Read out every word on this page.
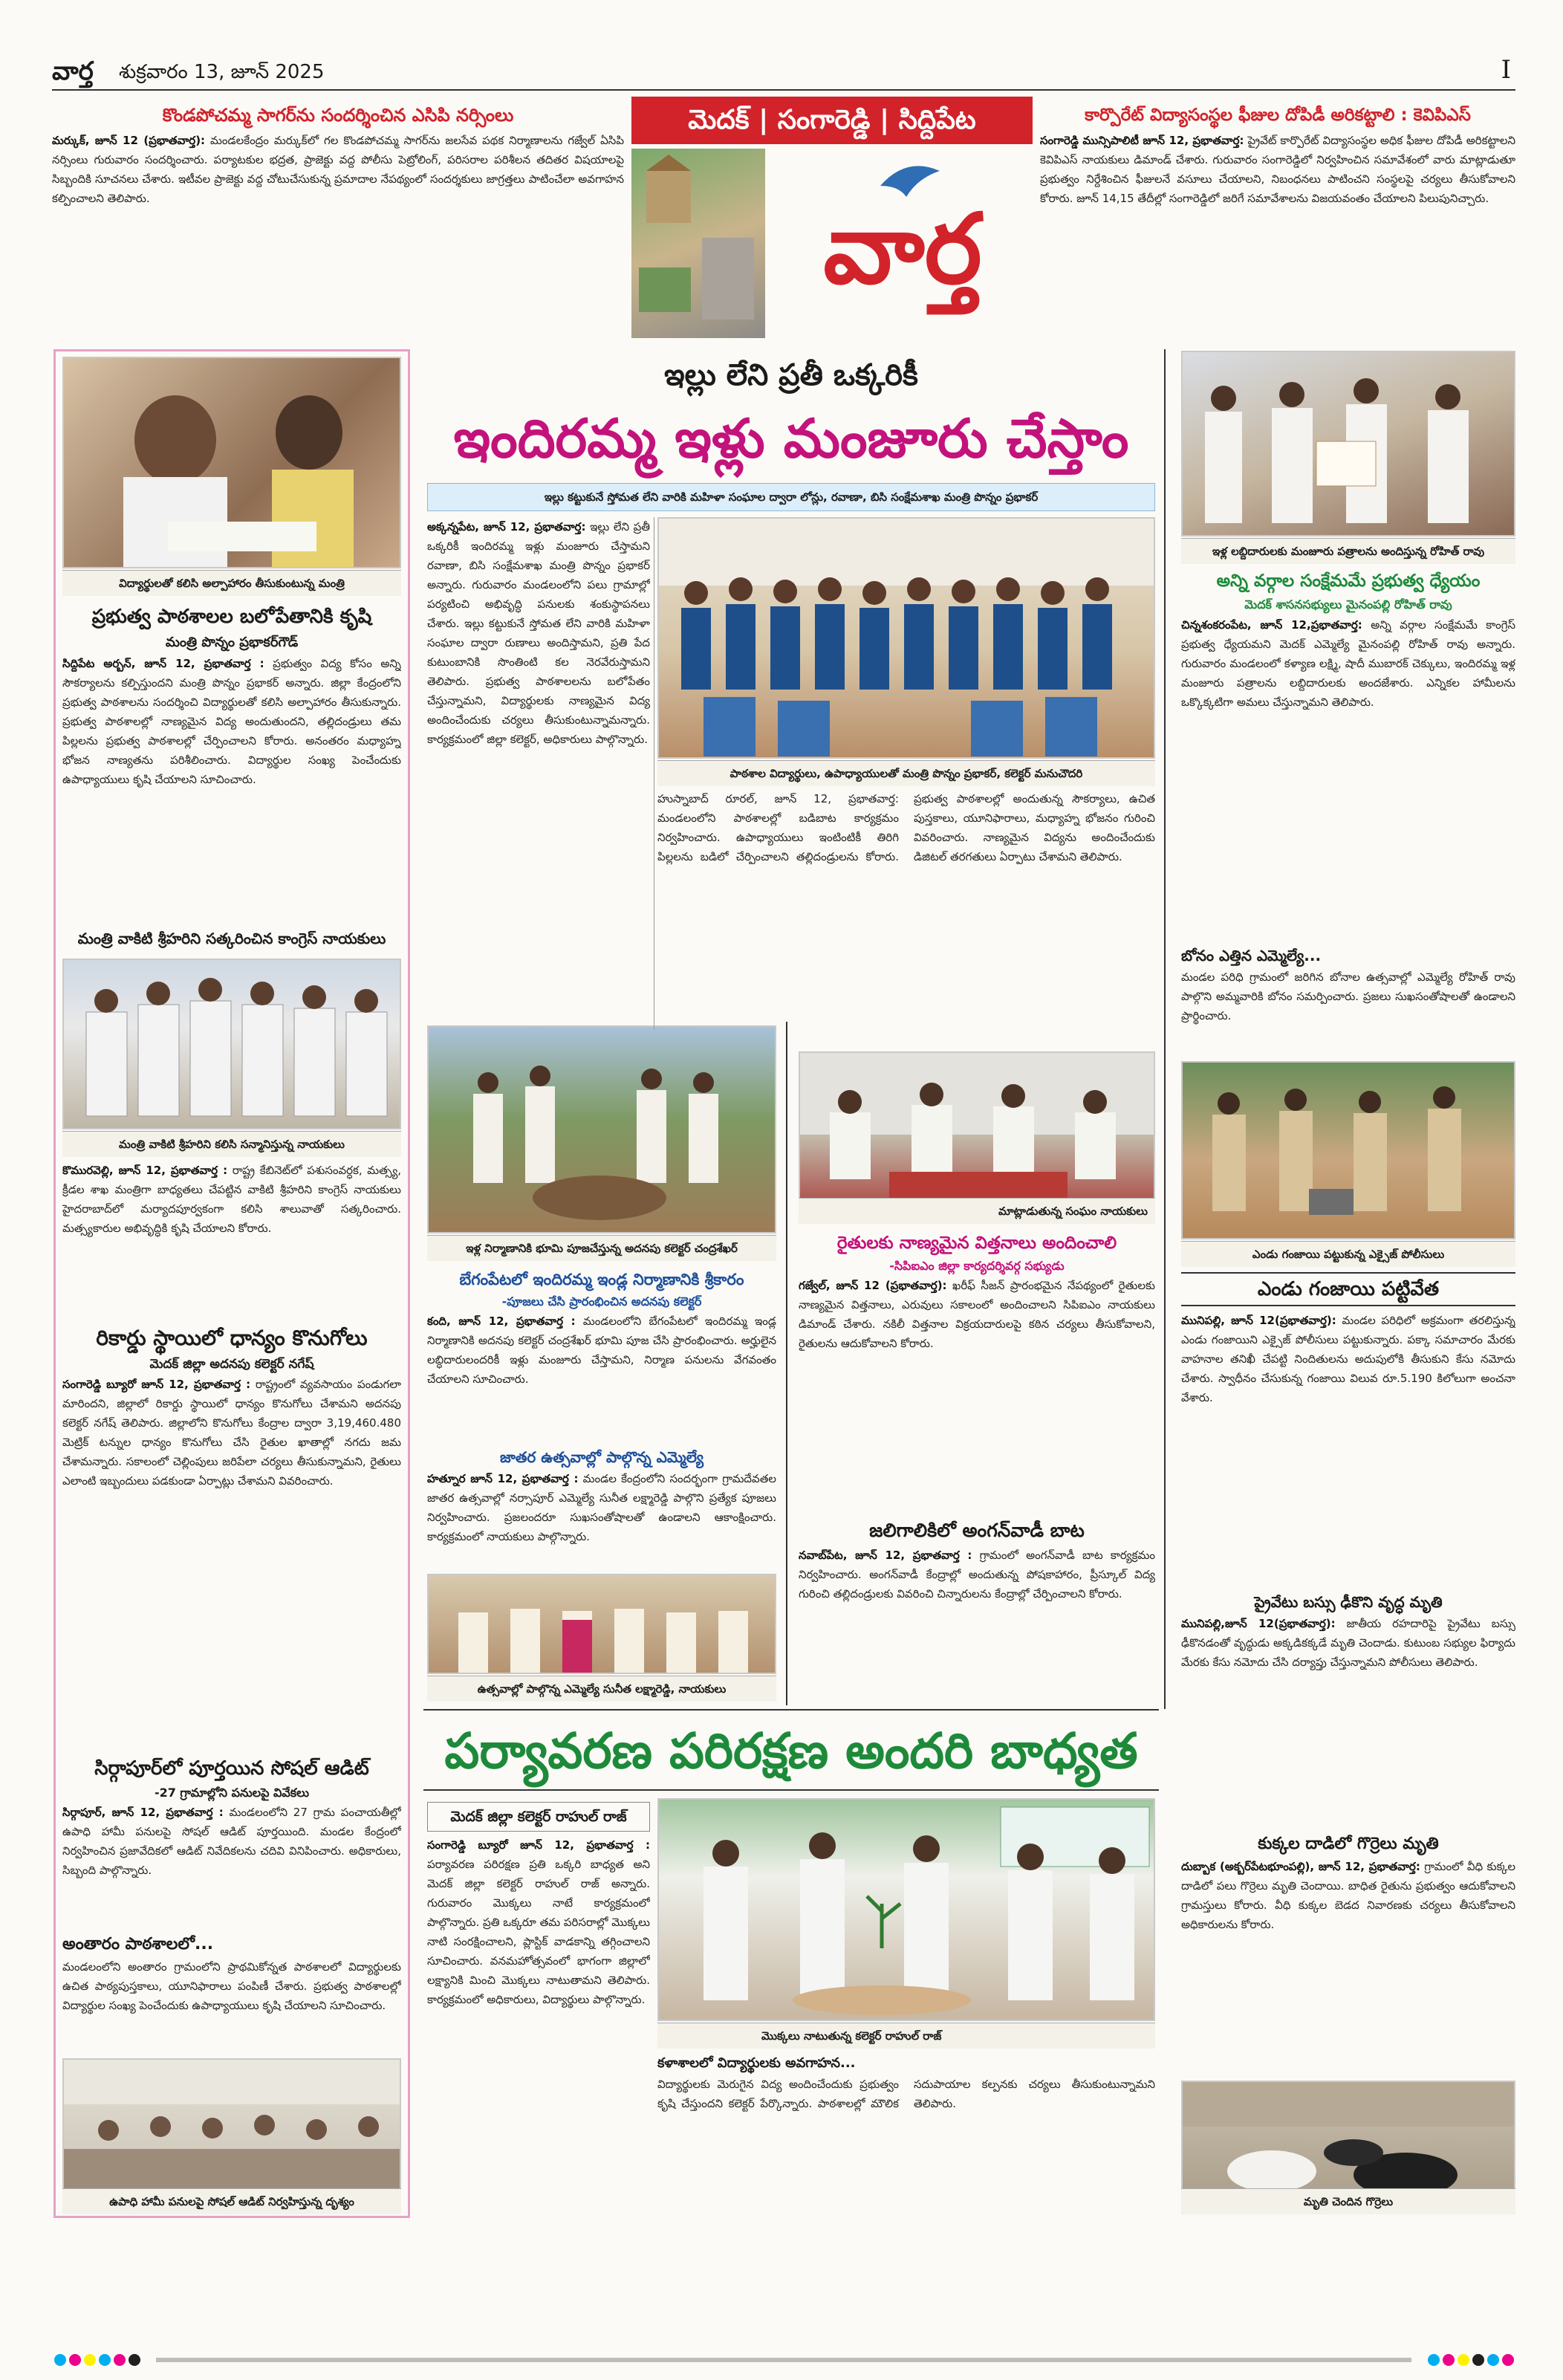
వార్త శుక్రవారం 13, జూన్ 2025	I
కొండపోచమ్మ సాగర్‌ను సందర్శించిన ఎసిపి నర్సింలు
మర్కుక్, జూన్ 12 (ప్రభాతవార్త): మండలకేంద్రం మర్కుక్‌లో గల కొండపోచమ్మ సాగర్‌ను జలసేవ పథక నిర్మాణాలను గజ్వేల్ ఏసిపి నర్సింలు గురువారం సందర్శించారు. పర్యాటకుల భద్రత, ప్రాజెక్టు వద్ద పోలీసు పెట్రోలింగ్, పరిసరాల పరిశీలన తదితర విషయాలపై సిబ్బందికి సూచనలు చేశారు. ఇటీవల ప్రాజెక్టు వద్ద చోటుచేసుకున్న ప్రమాదాల నేపథ్యంలో సందర్శకులు జాగ్రత్తలు పాటించేలా అవగాహన కల్పించాలని తెలిపారు.
మెదక్ | సంగారెడ్డి | సిద్దిపేట
వార్త
కార్పొరేట్ విద్యాసంస్థల ఫీజుల దోపిడీ అరికట్టాలి : కెవిపిఎస్
సంగారెడ్డి మున్సిపాలిటీ జూన్ 12, ప్రభాతవార్త: ప్రైవేట్ కార్పొరేట్ విద్యాసంస్థల అధిక ఫీజుల దోపిడీ అరికట్టాలని కెవిపిఎస్ నాయకులు డిమాండ్ చేశారు. గురువారం సంగారెడ్డిలో నిర్వహించిన సమావేశంలో వారు మాట్లాడుతూ ప్రభుత్వం నిర్దేశించిన ఫీజులనే వసూలు చేయాలని, నిబంధనలు పాటించని సంస్థలపై చర్యలు తీసుకోవాలని కోరారు. జూన్ 14,15 తేదీల్లో సంగారెడ్డిలో జరిగే సమావేశాలను విజయవంతం చేయాలని పిలుపునిచ్చారు.
విద్యార్థులతో కలిసి అల్పాహారం తీసుకుంటున్న మంత్రి
ప్రభుత్వ పాఠశాలల బలోపేతానికి కృషి
మంత్రి పొన్నం ప్రభాకర్‌గౌడ్
సిద్దిపేట అర్బన్, జూన్ 12, ప్రభాతవార్త : ప్రభుత్వం విద్య కోసం అన్ని సౌకర్యాలను కల్పిస్తుందని మంత్రి పొన్నం ప్రభాకర్ అన్నారు. జిల్లా కేంద్రంలోని ప్రభుత్వ పాఠశాలను సందర్శించి విద్యార్థులతో కలిసి అల్పాహారం తీసుకున్నారు. ప్రభుత్వ పాఠశాలల్లో నాణ్యమైన విద్య అందుతుందని, తల్లిదండ్రులు తమ పిల్లలను ప్రభుత్వ పాఠశాలల్లో చేర్పించాలని కోరారు. అనంతరం మధ్యాహ్న భోజన నాణ్యతను పరిశీలించారు. విద్యార్థుల సంఖ్య పెంచేందుకు ఉపాధ్యాయులు కృషి చేయాలని సూచించారు.
మంత్రి వాకిటి శ్రీహరిని సత్కరించిన కాంగ్రెస్ నాయకులు
మంత్రి వాకిటి శ్రీహరిని కలిసి సన్మానిస్తున్న నాయకులు
కొమురవెల్లి, జూన్ 12, ప్రభాతవార్త : రాష్ట్ర కేబినెట్‌లో పశుసంవర్ధక, మత్స్య, క్రీడల శాఖ మంత్రిగా బాధ్యతలు చేపట్టిన వాకిటి శ్రీహరిని కాంగ్రెస్ నాయకులు హైదరాబాద్‌లో మర్యాదపూర్వకంగా కలిసి శాలువాతో సత్కరించారు. మత్స్యకారుల అభివృద్ధికి కృషి చేయాలని కోరారు.
రికార్డు స్థాయిలో ధాన్యం కొనుగోలు
మెదక్ జిల్లా అదనపు కలెక్టర్ నగేష్
సంగారెడ్డి బ్యూరో జూన్ 12, ప్రభాతవార్త : రాష్ట్రంలో వ్యవసాయం పండుగలా మారిందని, జిల్లాలో రికార్డు స్థాయిలో ధాన్యం కొనుగోలు చేశామని అదనపు కలెక్టర్ నగేష్ తెలిపారు. జిల్లాలోని కొనుగోలు కేంద్రాల ద్వారా 3,19,460.480 మెట్రిక్ టన్నుల ధాన్యం కొనుగోలు చేసి రైతుల ఖాతాల్లో నగదు జమ చేశామన్నారు. సకాలంలో చెల్లింపులు జరిపేలా చర్యలు తీసుకున్నామని, రైతులు ఎలాంటి ఇబ్బందులు పడకుండా ఏర్పాట్లు చేశామని వివరించారు.
సిర్గాపూర్‌లో పూర్తయిన సోషల్ ఆడిట్
-27 గ్రామాల్లోని పనులపై వివేకలు
సిర్గాపూర్, జూన్ 12, ప్రభాతవార్త : మండలంలోని 27 గ్రామ పంచాయతీల్లో ఉపాధి హామీ పనులపై సోషల్ ఆడిట్ పూర్తయింది. మండల కేంద్రంలో నిర్వహించిన ప్రజావేదికలో ఆడిట్ నివేదికలను చదివి వినిపించారు. అధికారులు, సిబ్బంది పాల్గొన్నారు.
అంతారం పాఠశాలలో...
మండలంలోని అంతారం గ్రామంలోని ప్రాథమికోన్నత పాఠశాలలో విద్యార్థులకు ఉచిత పాఠ్యపుస్తకాలు, యూనిఫారాలు పంపిణీ చేశారు. ప్రభుత్వ పాఠశాలల్లో విద్యార్థుల సంఖ్య పెంచేందుకు ఉపాధ్యాయులు కృషి చేయాలని సూచించారు.
ఉపాధి హామీ పనులపై సోషల్ ఆడిట్ నిర్వహిస్తున్న దృశ్యం
ఇల్లు లేని ప్రతీ ఒక్కరికీ
ఇందిరమ్మ ఇళ్లు మంజూరు చేస్తాం
ఇల్లు కట్టుకునే స్తోమత లేని వారికి మహిళా సంఘాల ద్వారా లోన్లు, రవాణా, బిసి సంక్షేమశాఖ మంత్రి పొన్నం ప్రభాకర్
అక్కన్నపేట, జూన్ 12, ప్రభాతవార్త: ఇల్లు లేని ప్రతీ ఒక్కరికీ ఇందిరమ్మ ఇళ్లు మంజూరు చేస్తామని రవాణా, బిసి సంక్షేమశాఖ మంత్రి పొన్నం ప్రభాకర్ అన్నారు. గురువారం మండలంలోని పలు గ్రామాల్లో పర్యటించి అభివృద్ధి పనులకు శంకుస్థాపనలు చేశారు. ఇల్లు కట్టుకునే స్తోమత లేని వారికి మహిళా సంఘాల ద్వారా రుణాలు అందిస్తామని, ప్రతి పేద కుటుంబానికి సొంతింటి కల నెరవేరుస్తామని తెలిపారు. ప్రభుత్వ పాఠశాలలను బలోపేతం చేస్తున్నామని, విద్యార్థులకు నాణ్యమైన విద్య అందించేందుకు చర్యలు తీసుకుంటున్నామన్నారు. కార్యక్రమంలో జిల్లా కలెక్టర్, అధికారులు పాల్గొన్నారు.
పాఠశాల విద్యార్థులు, ఉపాధ్యాయులతో మంత్రి పొన్నం ప్రభాకర్, కలెక్టర్ మనుచౌదరి
హుస్నాబాద్ రూరల్, జూన్ 12, ప్రభాతవార్త: మండలంలోని పాఠశాలల్లో బడిబాట కార్యక్రమం నిర్వహించారు. ఉపాధ్యాయులు ఇంటింటికీ తిరిగి పిల్లలను బడిలో చేర్పించాలని తల్లిదండ్రులను కోరారు. ప్రభుత్వ పాఠశాలల్లో అందుతున్న సౌకర్యాలు, ఉచిత పుస్తకాలు, యూనిఫారాలు, మధ్యాహ్న భోజనం గురించి వివరించారు. నాణ్యమైన విద్యను అందించేందుకు డిజిటల్ తరగతులు ఏర్పాటు చేశామని తెలిపారు.
ఇళ్ల నిర్మాణానికి భూమి పూజచేస్తున్న అదనపు కలెక్టర్ చంద్రశేఖర్
బేగంపేటలో ఇందిరమ్మ ఇండ్ల నిర్మాణానికి శ్రీకారం
-పూజలు చేసి ప్రారంభించిన అదనపు కలెక్టర్
కంది, జూన్ 12, ప్రభాతవార్త : మండలంలోని బేగంపేటలో ఇందిరమ్మ ఇండ్ల నిర్మాణానికి అదనపు కలెక్టర్ చంద్రశేఖర్ భూమి పూజ చేసి ప్రారంభించారు. అర్హులైన లబ్ధిదారులందరికీ ఇళ్లు మంజూరు చేస్తామని, నిర్మాణ పనులను వేగవంతం చేయాలని సూచించారు.
జాతర ఉత్సవాల్లో పాల్గొన్న ఎమ్మెల్యే
హత్నూర జూన్ 12, ప్రభాతవార్త : మండల కేంద్రంలోని సందర్భంగా గ్రామదేవతల జాతర ఉత్సవాల్లో నర్సాపూర్ ఎమ్మెల్యే సునీత లక్ష్మారెడ్డి పాల్గొని ప్రత్యేక పూజలు నిర్వహించారు. ప్రజలందరూ సుఖసంతోషాలతో ఉండాలని ఆకాంక్షించారు. కార్యక్రమంలో నాయకులు పాల్గొన్నారు.
ఉత్సవాల్లో పాల్గొన్న ఎమ్మెల్యే సునీత లక్ష్మారెడ్డి, నాయకులు
మాట్లాడుతున్న సంఘం నాయకులు
రైతులకు నాణ్యమైన విత్తనాలు అందించాలి
-సిపిఐఎం జిల్లా కార్యదర్శివర్గ సభ్యుడు
గజ్వేల్, జూన్ 12 (ప్రభాతవార్త): ఖరీఫ్ సీజన్ ప్రారంభమైన నేపథ్యంలో రైతులకు నాణ్యమైన విత్తనాలు, ఎరువులు సకాలంలో అందించాలని సిపిఐఎం నాయకులు డిమాండ్ చేశారు. నకిలీ విత్తనాల విక్రయదారులపై కఠిన చర్యలు తీసుకోవాలని, రైతులను ఆదుకోవాలని కోరారు.
జలిగాలికిలో అంగన్‌వాడీ బాట
నవాబ్‌పేట, జూన్ 12, ప్రభాతవార్త : గ్రామంలో అంగన్‌వాడీ బాట కార్యక్రమం నిర్వహించారు. అంగన్‌వాడీ కేంద్రాల్లో అందుతున్న పోషకాహారం, ప్రీస్కూల్ విద్య గురించి తల్లిదండ్రులకు వివరించి చిన్నారులను కేంద్రాల్లో చేర్పించాలని కోరారు.
పర్యావరణ పరిరక్షణ అందరి బాధ్యత
మెదక్ జిల్లా కలెక్టర్ రాహుల్ రాజ్
సంగారెడ్డి బ్యూరో జూన్ 12, ప్రభాతవార్త : పర్యావరణ పరిరక్షణ ప్రతి ఒక్కరి బాధ్యత అని మెదక్ జిల్లా కలెక్టర్ రాహుల్ రాజ్ అన్నారు. గురువారం మొక్కలు నాటే కార్యక్రమంలో పాల్గొన్నారు. ప్రతి ఒక్కరూ తమ పరిసరాల్లో మొక్కలు నాటి సంరక్షించాలని, ప్లాస్టిక్ వాడకాన్ని తగ్గించాలని సూచించారు. వనమహోత్సవంలో భాగంగా జిల్లాలో లక్ష్యానికి మించి మొక్కలు నాటుతామని తెలిపారు. కార్యక్రమంలో అధికారులు, విద్యార్థులు పాల్గొన్నారు.
మొక్కలు నాటుతున్న కలెక్టర్ రాహుల్ రాజ్
కళాశాలలో విద్యార్థులకు అవగాహన...
విద్యార్థులకు మెరుగైన విద్య అందించేందుకు ప్రభుత్వం కృషి చేస్తుందని కలెక్టర్ పేర్కొన్నారు. పాఠశాలల్లో మౌలిక సదుపాయాల కల్పనకు చర్యలు తీసుకుంటున్నామని తెలిపారు.
ఇళ్ల లబ్దిదారులకు మంజూరు పత్రాలను అందిస్తున్న రోహిత్ రావు
అన్ని వర్గాల సంక్షేమమే ప్రభుత్వ ధ్యేయం
మెదక్ శాసనసభ్యులు మైనంపల్లి రోహిత్ రావు
చిన్నశంకరంపేట, జూన్ 12,ప్రభాతవార్త: అన్ని వర్గాల సంక్షేమమే కాంగ్రెస్ ప్రభుత్వ ధ్యేయమని మెదక్ ఎమ్మెల్యే మైనంపల్లి రోహిత్ రావు అన్నారు. గురువారం మండలంలో కళ్యాణ లక్ష్మి, షాదీ ముబారక్ చెక్కులు, ఇందిరమ్మ ఇళ్ల మంజూరు పత్రాలను లబ్దిదారులకు అందజేశారు. ఎన్నికల హామీలను ఒక్కొక్కటిగా అమలు చేస్తున్నామని తెలిపారు.
బోనం ఎత్తిన ఎమ్మెల్యే...
మండల పరిధి గ్రామంలో జరిగిన బోనాల ఉత్సవాల్లో ఎమ్మెల్యే రోహిత్ రావు పాల్గొని అమ్మవారికి బోనం సమర్పించారు. ప్రజలు సుఖసంతోషాలతో ఉండాలని ప్రార్థించారు.
ఎండు గంజాయి పట్టుకున్న ఎక్సైజ్ పోలీసులు
ఎండు గంజాయి పట్టివేత
మునిపల్లి, జూన్ 12(ప్రభాతవార్త): మండల పరిధిలో అక్రమంగా తరలిస్తున్న ఎండు గంజాయిని ఎక్సైజ్ పోలీసులు పట్టుకున్నారు. పక్కా సమాచారం మేరకు వాహనాల తనిఖీ చేపట్టి నిందితులను అదుపులోకి తీసుకుని కేసు నమోదు చేశారు. స్వాధీనం చేసుకున్న గంజాయి విలువ రూ.5.190 కిలోలుగా అంచనా వేశారు.
ప్రైవేటు బస్సు ఢీకొని వృద్ధ మృతి
మునిపల్లి,జూన్ 12(ప్రభాతవార్త): జాతీయ రహదారిపై ప్రైవేటు బస్సు ఢీకొనడంతో వృద్ధుడు అక్కడికక్కడే మృతి చెందాడు. కుటుంబ సభ్యుల ఫిర్యాదు మేరకు కేసు నమోదు చేసి దర్యాప్తు చేస్తున్నామని పోలీసులు తెలిపారు.
కుక్కల దాడిలో గొర్రెలు మృతి
దుబ్బాక (అక్బర్‌పేటభూంపల్లి), జూన్ 12, ప్రభాతవార్త: గ్రామంలో వీధి కుక్కల దాడిలో పలు గొర్రెలు మృతి చెందాయి. బాధిత రైతును ప్రభుత్వం ఆదుకోవాలని గ్రామస్తులు కోరారు. వీధి కుక్కల బెడద నివారణకు చర్యలు తీసుకోవాలని అధికారులను కోరారు.
మృతి చెందిన గొర్రెలు
